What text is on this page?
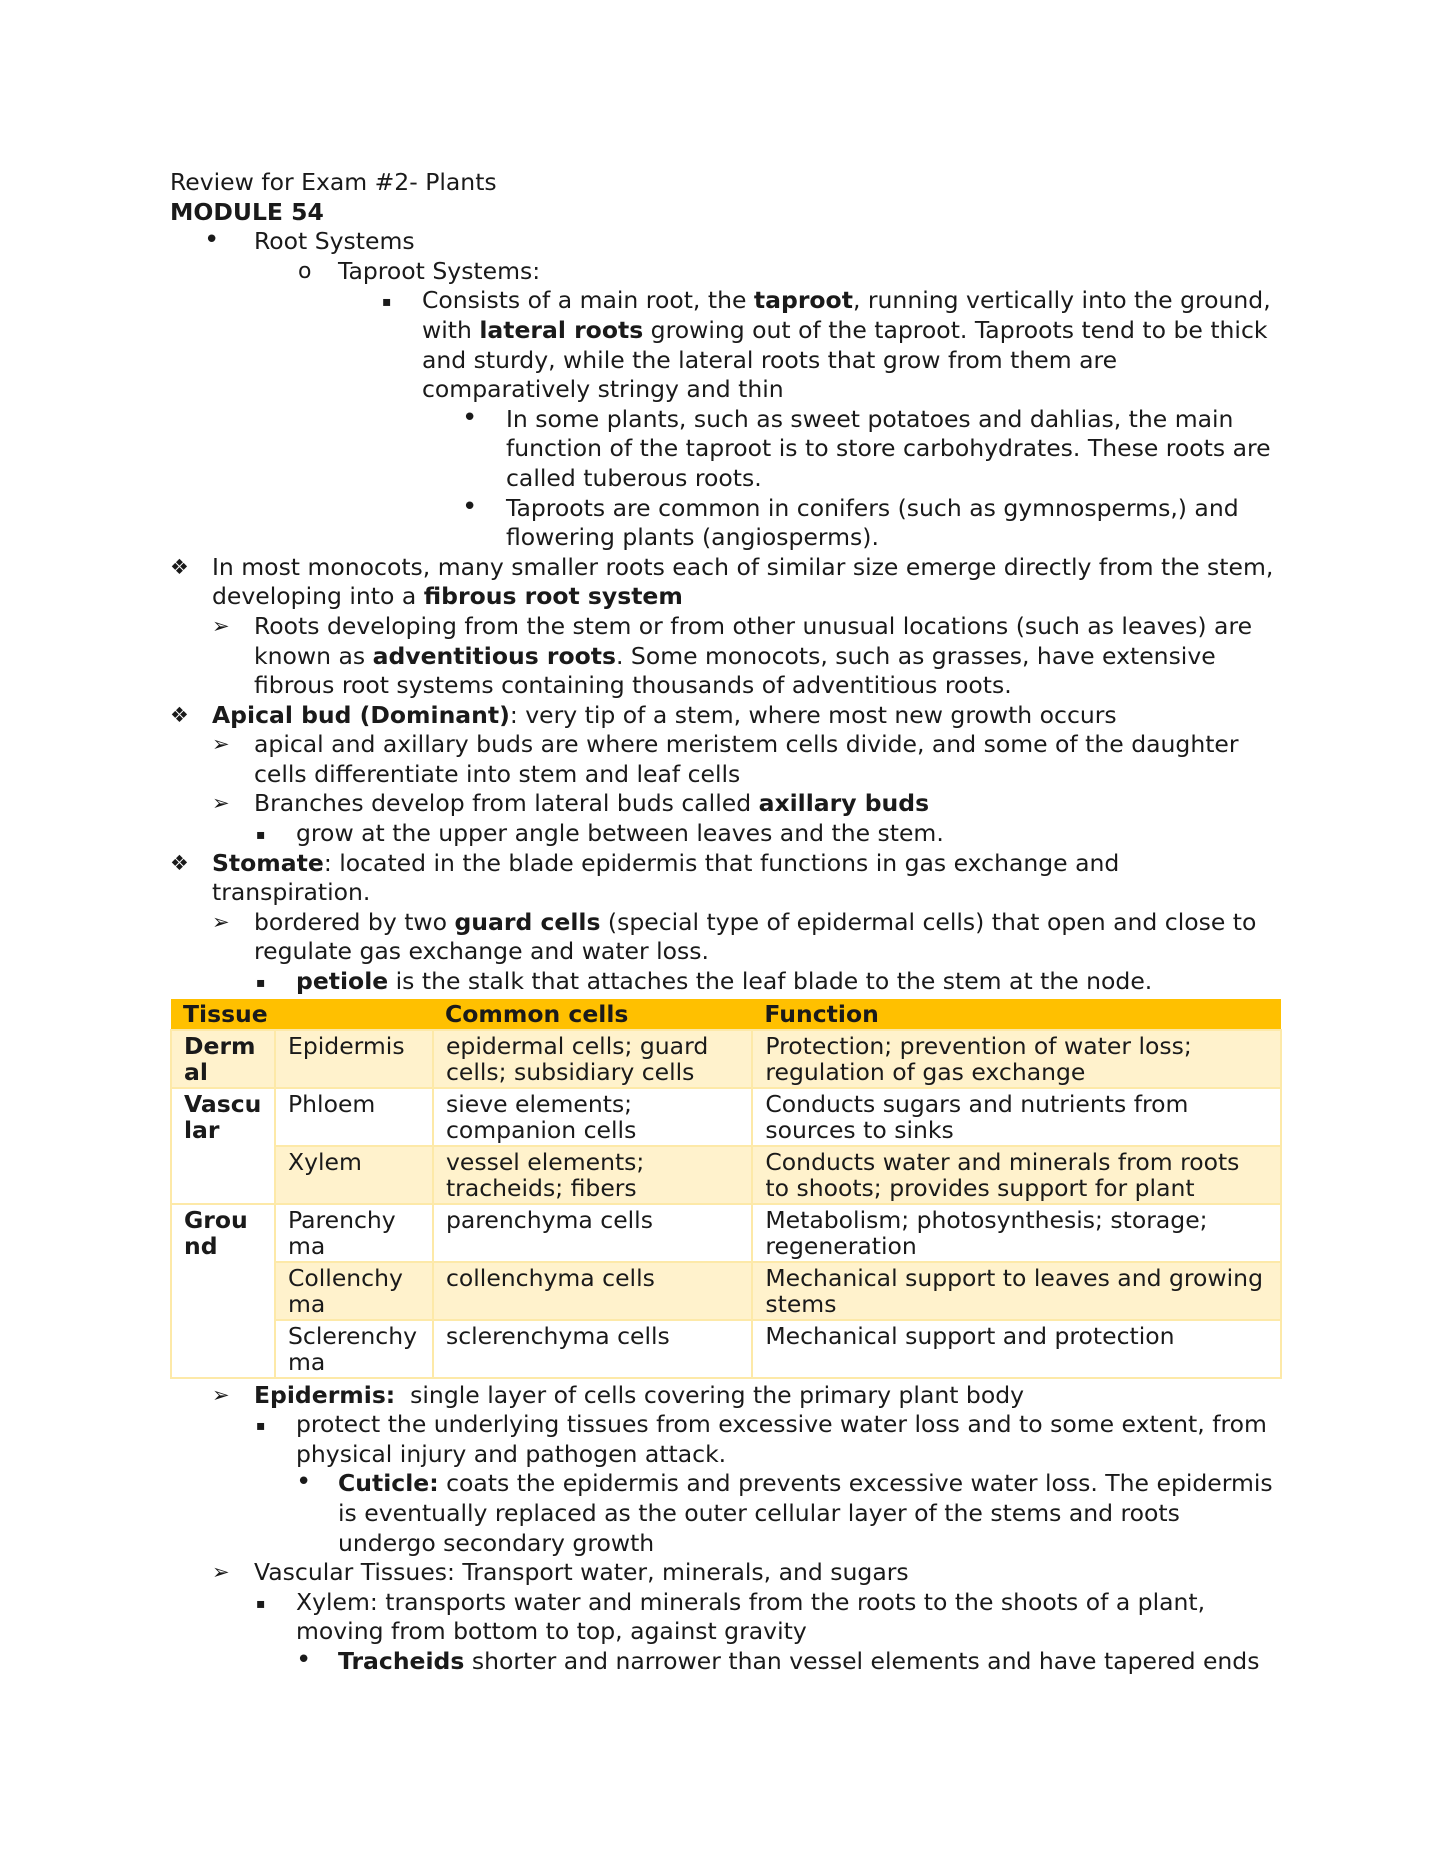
Review for Exam #2- Plants
MODULE 54
• Root Systems
o Taproot Systems:
▪ Consists of a main root, the taproot, running vertically into the ground, with lateral roots growing out of the taproot. Taproots tend to be thick and sturdy, while the lateral roots that grow from them are comparatively stringy and thin
• In some plants, such as sweet potatoes and dahlias, the main function of the taproot is to store carbohydrates. These roots are called tuberous roots.
• Taproots are common in conifers (such as gymnosperms,) and flowering plants (angiosperms).
❖ In most monocots, many smaller roots each of similar size emerge directly from the stem, developing into a fibrous root system
➢ Roots developing from the stem or from other unusual locations (such as leaves) are known as adventitious roots. Some monocots, such as grasses, have extensive fibrous root systems containing thousands of adventitious roots.
❖ Apical bud (Dominant): very tip of a stem, where most new growth occurs
➢ apical and axillary buds are where meristem cells divide, and some of the daughter cells differentiate into stem and leaf cells
➢ Branches develop from lateral buds called axillary buds
▪ grow at the upper angle between leaves and the stem.
❖ Stomate: located in the blade epidermis that functions in gas exchange and transpiration.
➢ bordered by two guard cells (special type of epidermal cells) that open and close to regulate gas exchange and water loss.
▪ petiole is the stalk that attaches the leaf blade to the stem at the node.
Tissue		Common cells	Function
Derm al	Epidermis	epidermal cells; guard cells; subsidiary cells	Protection; prevention of water loss; regulation of gas exchange
Vascu lar	Phloem	sieve elements; companion cells	Conducts sugars and nutrients from sources to sinks
	Xylem	vessel elements; tracheids; fibers	Conducts water and minerals from roots to shoots; provides support for plant
Grou nd	Parenchy ma	parenchyma cells	Metabolism; photosynthesis; storage; regeneration
	Collenchy ma	collenchyma cells	Mechanical support to leaves and growing stems
	Sclerenchy ma	sclerenchyma cells	Mechanical support and protection
➢ Epidermis:  single layer of cells covering the primary plant body
▪ protect the underlying tissues from excessive water loss and to some extent, from physical injury and pathogen attack.
• Cuticle: coats the epidermis and prevents excessive water loss. The epidermis is eventually replaced as the outer cellular layer of the stems and roots undergo secondary growth
➢ Vascular Tissues: Transport water, minerals, and sugars
▪ Xylem: transports water and minerals from the roots to the shoots of a plant, moving from bottom to top, against gravity
• Tracheids shorter and narrower than vessel elements and have tapered ends
